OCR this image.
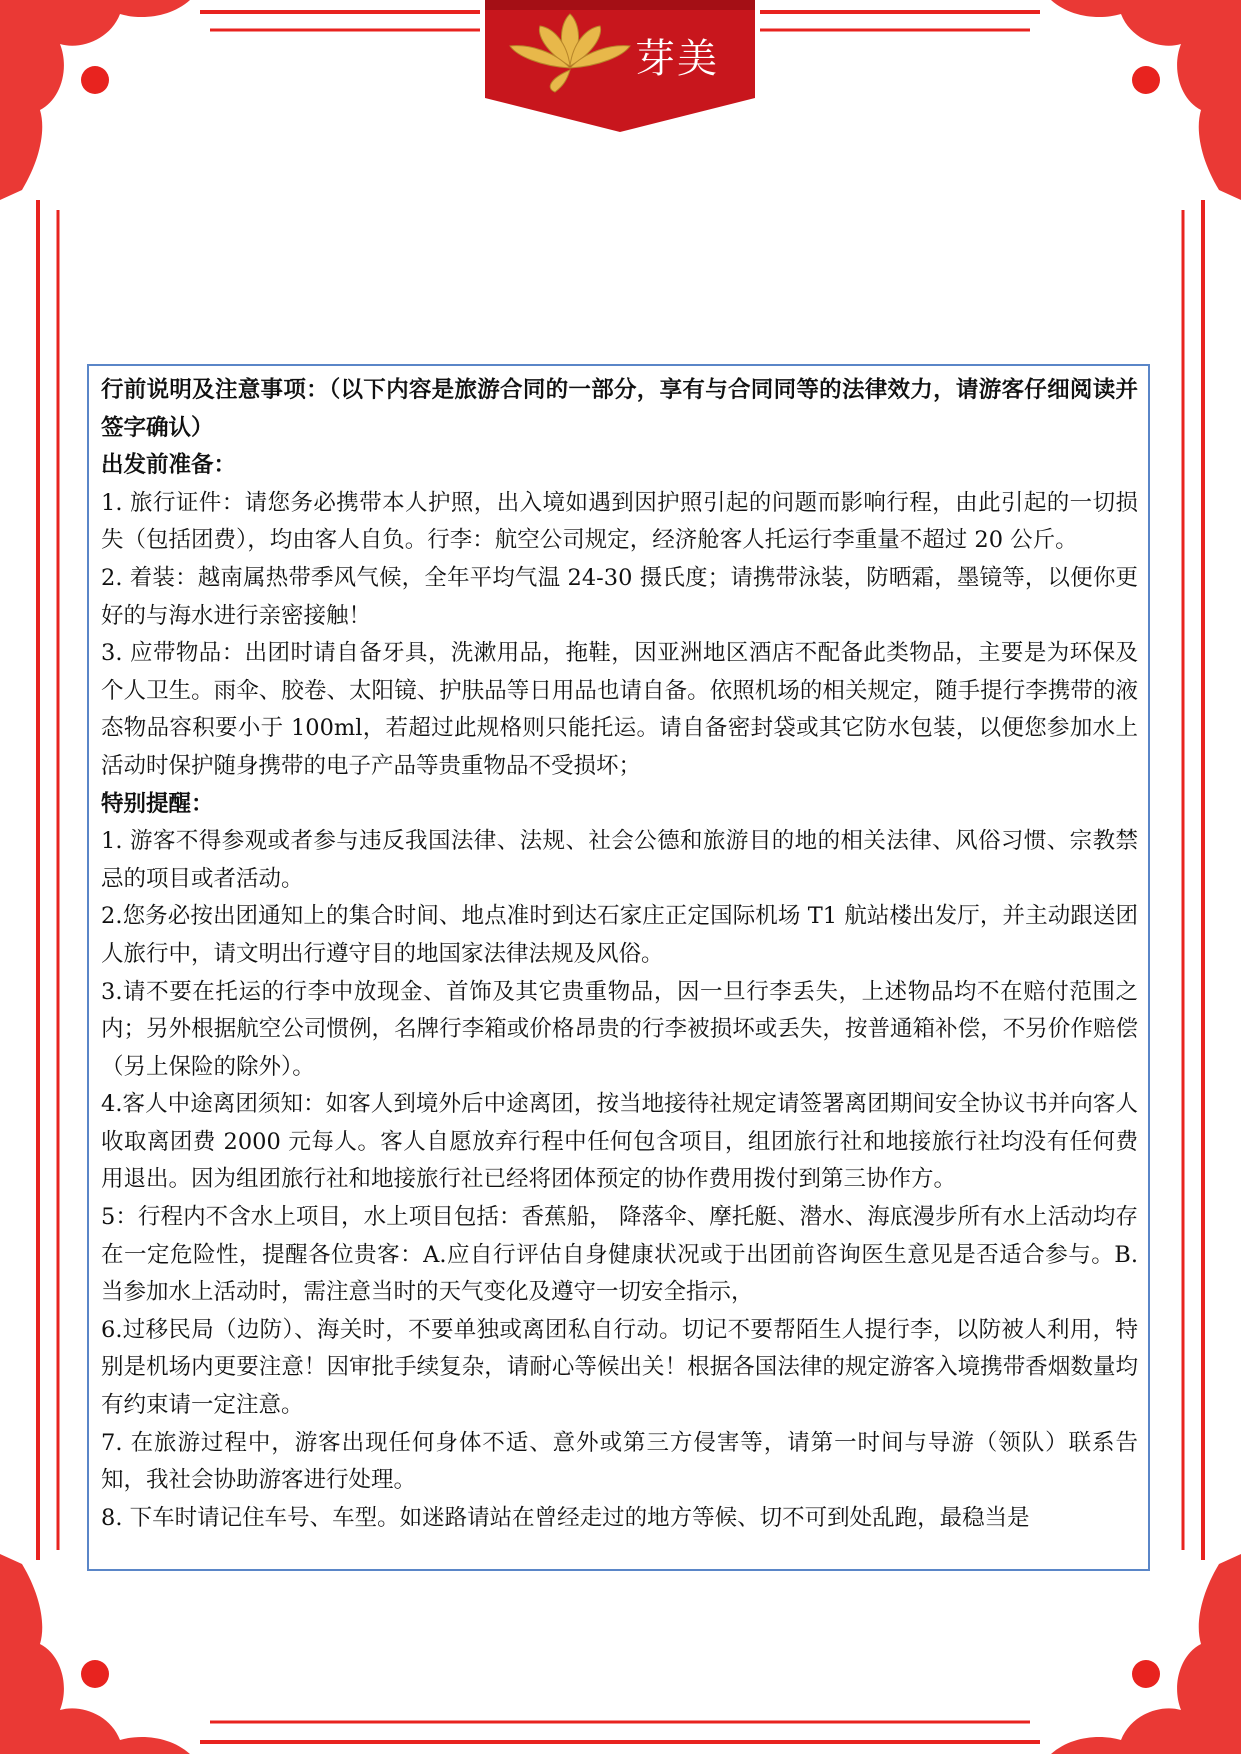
芽美

行前说明及注意事项：（以下内容是旅游合同的一部分，享有与合同同等的法律效力，请游客仔细阅读并签字确认）

出发前准备：

1. 旅行证件：请您务必携带本人护照，出入境如遇到因护照引起的问题而影响行程，由此引起的一切损失（包括团费），均由客人自负。行李：航空公司规定，经济舱客人托运行李重量不超过 20 公斤。

2. 着装：越南属热带季风气候，全年平均气温 24-30 摄氏度；请携带泳装，防晒霜，墨镜等，以便你更好的与海水进行亲密接触！

3. 应带物品：出团时请自备牙具，洗漱用品，拖鞋，因亚洲地区酒店不配备此类物品，主要是为环保及个人卫生。雨伞、胶卷、太阳镜、护肤品等日用品也请自备。依照机场的相关规定，随手提行李携带的液态物品容积要小于 100ml，若超过此规格则只能托运。请自备密封袋或其它防水包装，以便您参加水上活动时保护随身携带的电子产品等贵重物品不受损坏；

特别提醒：

1. 游客不得参观或者参与违反我国法律、法规、社会公德和旅游目的地的相关法律、风俗习惯、宗教禁忌的项目或者活动。

2.您务必按出团通知上的集合时间、地点准时到达石家庄正定国际机场 T1 航站楼出发厅，并主动跟送团人旅行中，请文明出行遵守目的地国家法律法规及风俗。

3.请不要在托运的行李中放现金、首饰及其它贵重物品，因一旦行李丢失，上述物品均不在赔付范围之内；另外根据航空公司惯例，名牌行李箱或价格昂贵的行李被损坏或丢失，按普通箱补偿，不另价作赔偿（另上保险的除外）。

4.客人中途离团须知：如客人到境外后中途离团，按当地接待社规定请签署离团期间安全协议书并向客人收取离团费 2000 元每人。客人自愿放弃行程中任何包含项目，组团旅行社和地接旅行社均没有任何费用退出。因为组团旅行社和地接旅行社已经将团体预定的协作费用拨付到第三协作方。

5：行程内不含水上项目，水上项目包括：香蕉船， 降落伞、摩托艇、潜水、海底漫步所有水上活动均存在一定危险性，提醒各位贵客：A.应自行评估自身健康状况或于出团前咨询医生意见是否适合参与。B.当参加水上活动时，需注意当时的天气变化及遵守一切安全指示，

6.过移民局（边防）、海关时，不要单独或离团私自行动。切记不要帮陌生人提行李，以防被人利用，特别是机场内更要注意！因审批手续复杂，请耐心等候出关！根据各国法律的规定游客入境携带香烟数量均有约束请一定注意。

7. 在旅游过程中，游客出现任何身体不适、意外或第三方侵害等，请第一时间与导游（领队）联系告知，我社会协助游客进行处理。

8. 下车时请记住车号、车型。如迷路请站在曾经走过的地方等候、切不可到处乱跑，最稳当是
